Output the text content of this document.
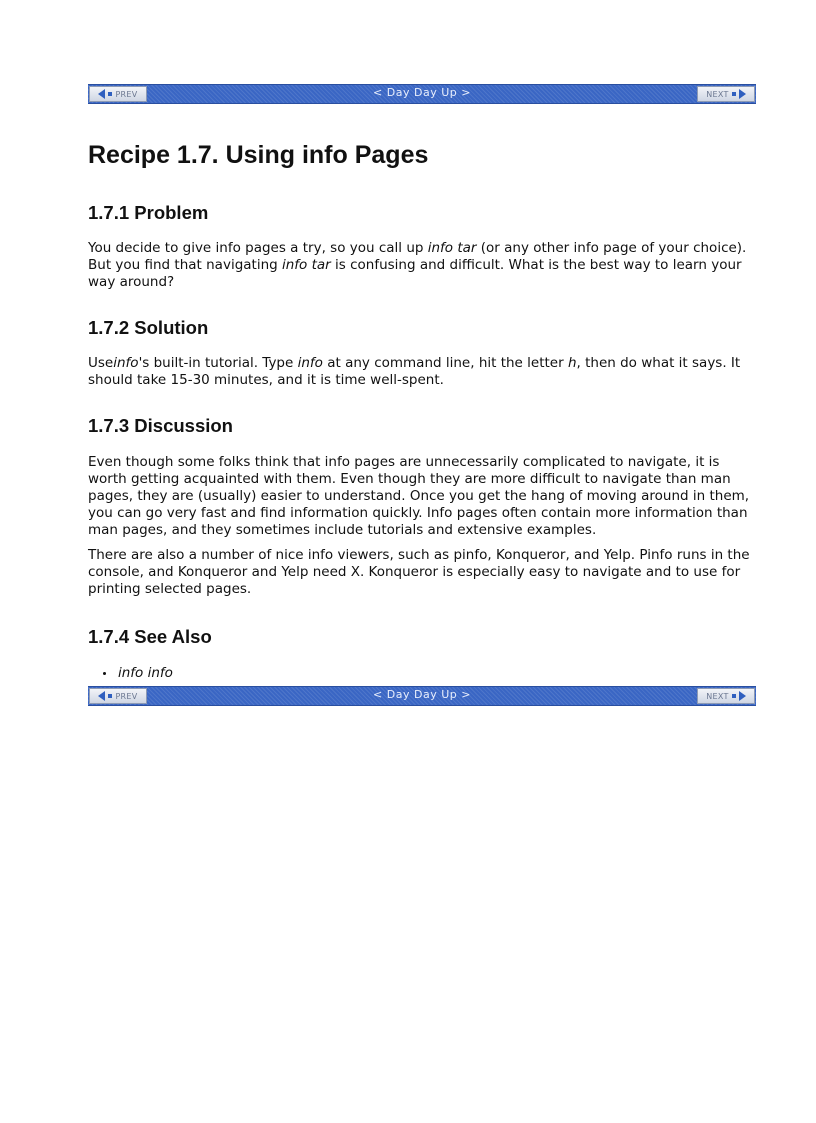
PREV	< Day Day Up >	NEXT
Recipe 1.7. Using info Pages
1.7.1 Problem

You decide to give info pages a try, so you call up info tar (or any other info page of your choice). But you find that navigating info tar is confusing and difficult. What is the best way to learn your way around?

1.7.2 Solution

Useinfo's built-in tutorial. Type info at any command line, hit the letter h, then do what it says. It should take 15-30 minutes, and it is time well-spent.

1.7.3 Discussion

Even though some folks think that info pages are unnecessarily complicated to navigate, it is worth getting acquainted with them. Even though they are more difficult to navigate than man pages, they are (usually) easier to understand. Once you get the hang of moving around in them, you can go very fast and find information quickly. Info pages often contain more information than man pages, and they sometimes include tutorials and extensive examples.

There are also a number of nice info viewers, such as pinfo, Konqueror, and Yelp. Pinfo runs in the console, and Konqueror and Yelp need X. Konqueror is especially easy to navigate and to use for printing selected pages.

1.7.4 See Also
info info
PREV	< Day Day Up >	NEXT
